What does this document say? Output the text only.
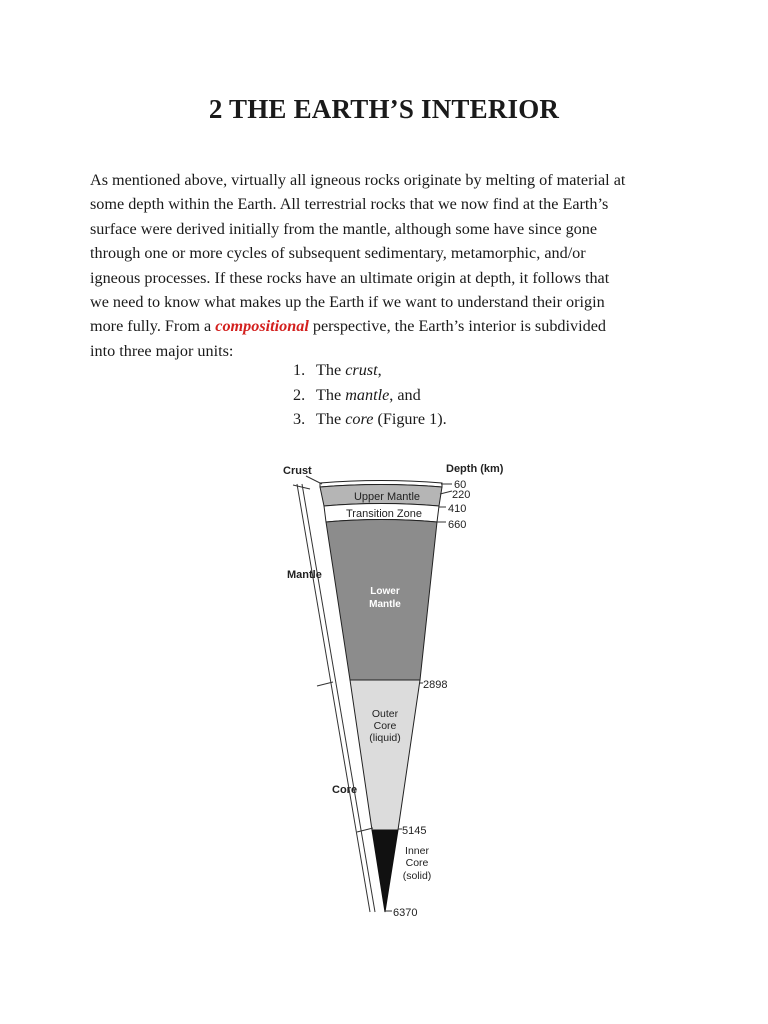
2 THE EARTH’S INTERIOR

As mentioned above, virtually all igneous rocks originate by melting of material at
some depth within the Earth. All terrestrial rocks that we now find at the Earth’s
surface were derived initially from the mantle, although some have since gone
through one or more cycles of subsequent sedimentary, metamorphic, and/or
igneous processes. If these rocks have an ultimate origin at depth, it follows that
we need to know what makes up the Earth if we want to understand their origin
more fully. From a compositional perspective, the Earth’s interior is subdivided
into three major units:

1. The crust,
2. The mantle, and
3. The core (Figure 1).
Crust
Mantle
Core
Depth (km)
Upper Mantle
Transition Zone
Lower
Mantle
Outer
Core
(liquid)
Inner
Core
(solid)
60
220
410
660
2898
5145
6370
